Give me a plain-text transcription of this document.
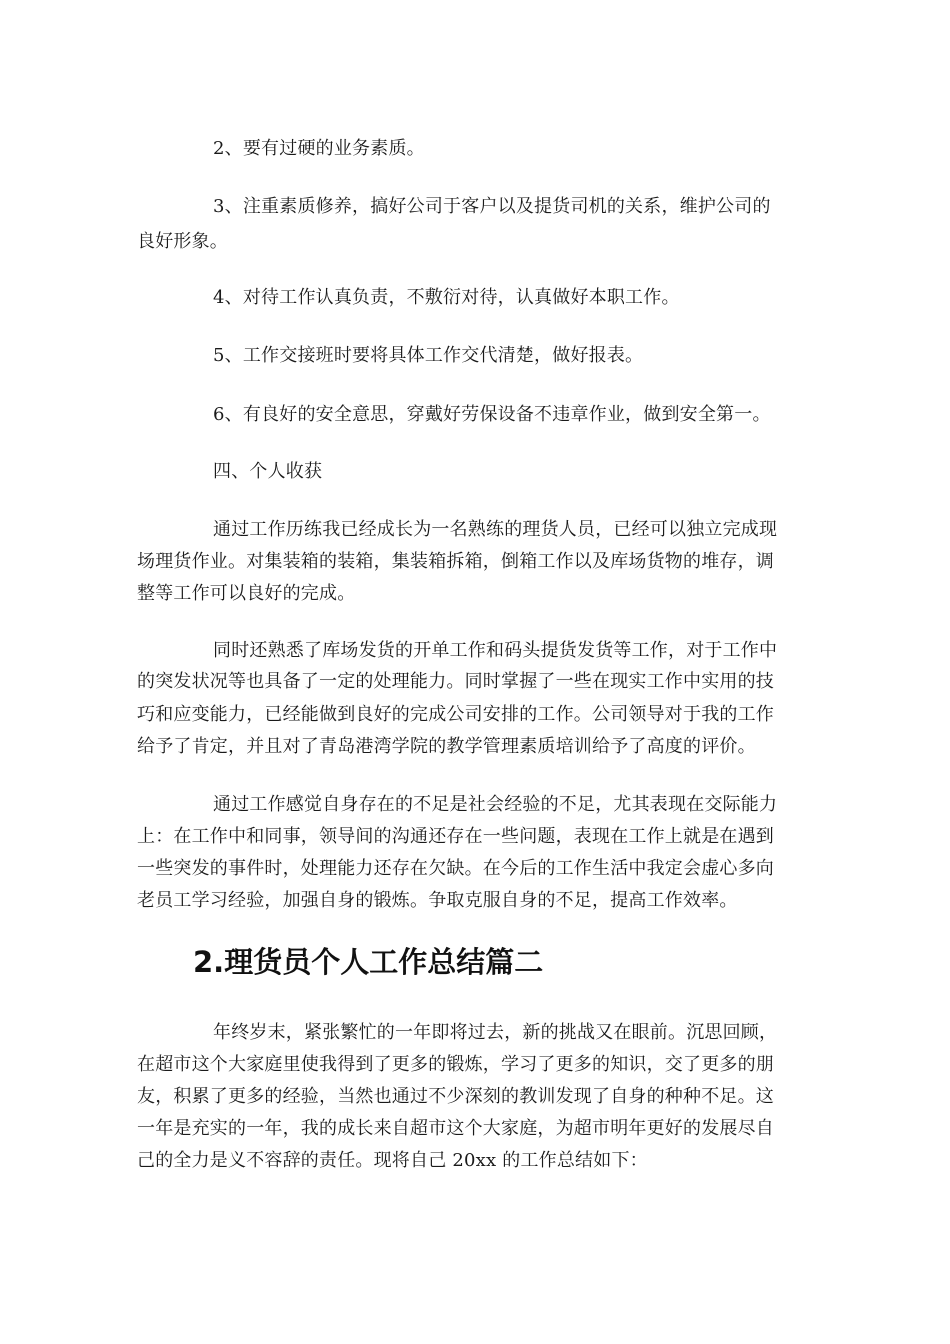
2、要有过硬的业务素质。
3、注重素质修养，搞好公司于客户以及提货司机的关系，维护公司的
良好形象。
4、对待工作认真负责，不敷衍对待，认真做好本职工作。
5、工作交接班时要将具体工作交代清楚，做好报表。
6、有良好的安全意思，穿戴好劳保设备不违章作业，做到安全第一。
四、个人收获
通过工作历练我已经成长为一名熟练的理货人员，已经可以独立完成现
场理货作业。对集装箱的装箱，集装箱拆箱，倒箱工作以及库场货物的堆存，调
整等工作可以良好的完成。
同时还熟悉了库场发货的开单工作和码头提货发货等工作，对于工作中
的突发状况等也具备了一定的处理能力。同时掌握了一些在现实工作中实用的技
巧和应变能力，已经能做到良好的完成公司安排的工作。公司领导对于我的工作
给予了肯定，并且对了青岛港湾学院的教学管理素质培训给予了高度的评价。
通过工作感觉自身存在的不足是社会经验的不足，尤其表现在交际能力
上：在工作中和同事，领导间的沟通还存在一些问题，表现在工作上就是在遇到
一些突发的事件时，处理能力还存在欠缺。在今后的工作生活中我定会虚心多向
老员工学习经验，加强自身的锻炼。争取克服自身的不足，提高工作效率。
2.理货员个人工作总结篇二
年终岁末，紧张繁忙的一年即将过去，新的挑战又在眼前。沉思回顾，
在超市这个大家庭里使我得到了更多的锻炼，学习了更多的知识，交了更多的朋
友，积累了更多的经验，当然也通过不少深刻的教训发现了自身的种种不足。这
一年是充实的一年，我的成长来自超市这个大家庭，为超市明年更好的发展尽自
己的全力是义不容辞的责任。现将自己 20xx 的工作总结如下：
